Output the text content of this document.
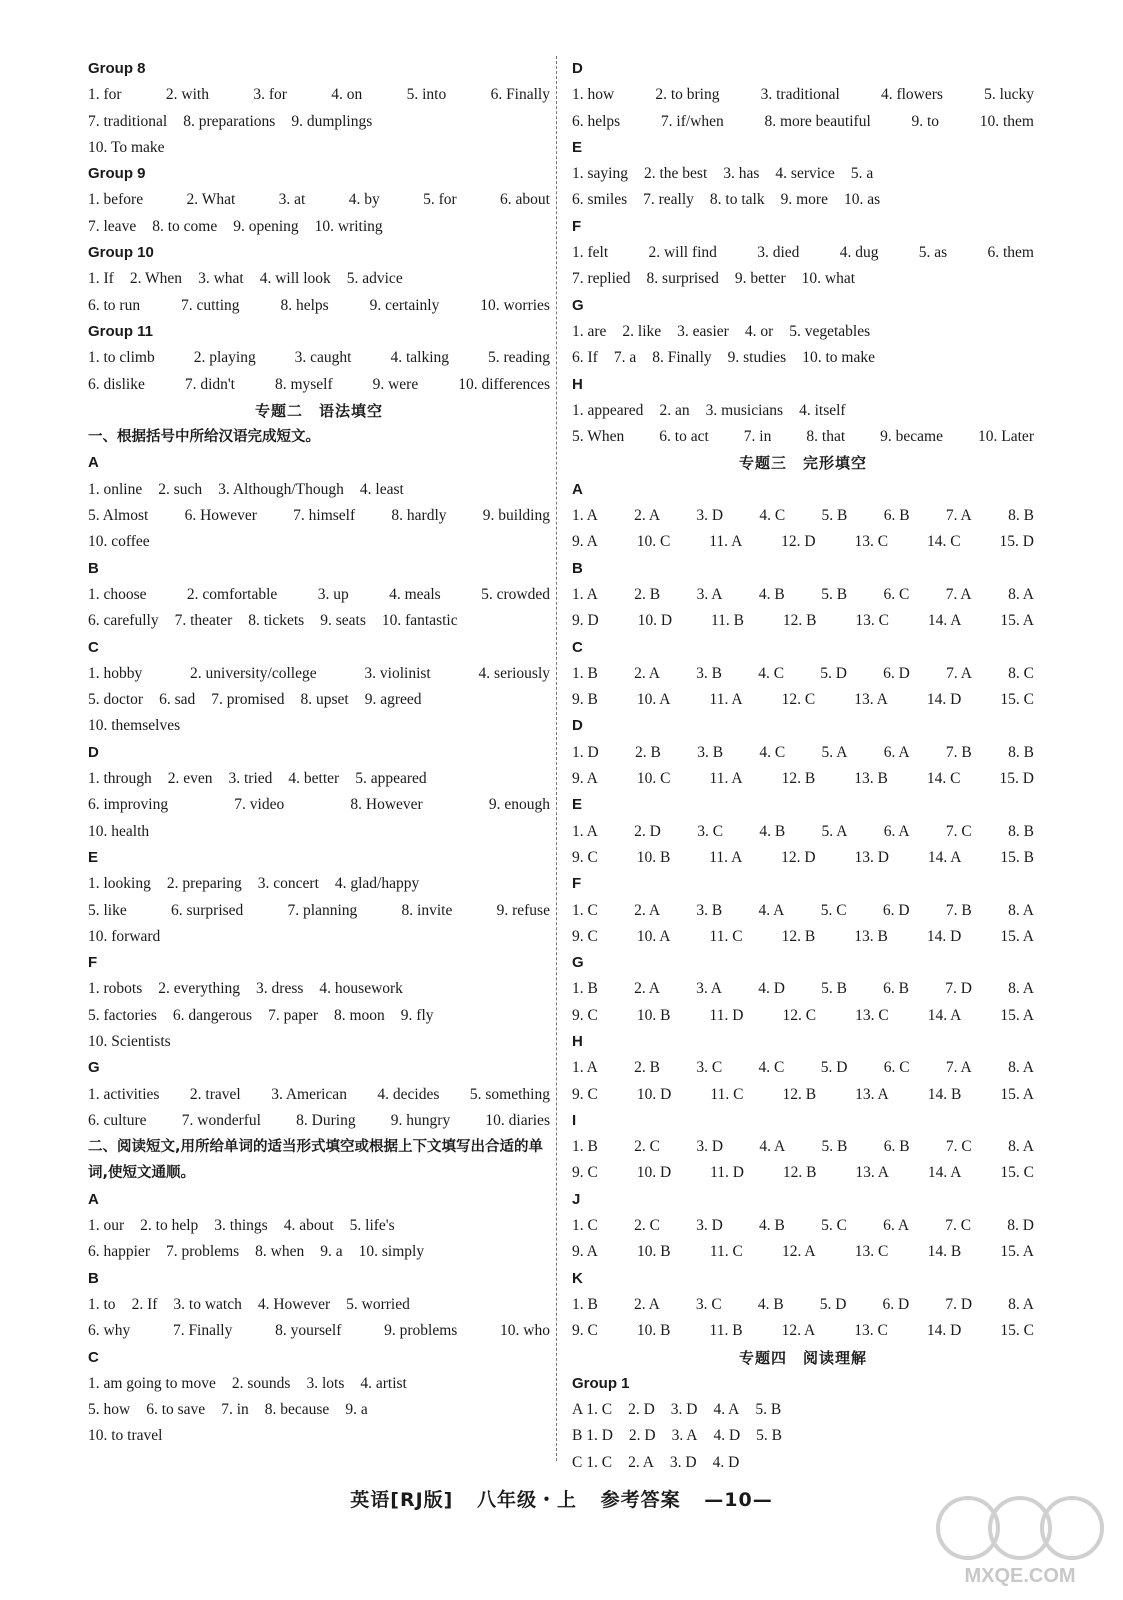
Group 8
1. for	2. with	3. for	4. on	5. into	6. Finally
7. traditional 8. preparations 9. dumplings
10. To make
Group 9
1. before	2. What	3. at	4. by	5. for	6. about
7. leave 8. to come 9. opening 10. writing
Group 10
1. If 2. When 3. what 4. will look 5. advice
6. to run	7. cutting	8. helps	9. certainly	10. worries
Group 11
1. to climb	2. playing	3. caught	4. talking	5. reading
6. dislike	7. didn't	8. myself	9. were	10. differences
专题二　语法填空
一、根据括号中所给汉语完成短文。
A
1. online 2. such 3. Although/Though 4. least
5. Almost 6. However 7. himself 8. hardly 9. building
10. coffee
B
1. choose	2. comfortable	3. up	4. meals	5. crowded
6. carefully 7. theater 8. tickets 9. seats 10. fantastic
C
1. hobby	2. university/college	3. violinist	4. seriously
5. doctor 6. sad 7. promised 8. upset 9. agreed
10. themselves
D
1. through 2. even 3. tried 4. better 5. appeared
6. improving	7. video	8. However	9. enough
10. health
E
1. looking 2. preparing 3. concert 4. glad/happy
5. like	6. surprised	7. planning	8. invite	9. refuse
10. forward
F
1. robots 2. everything 3. dress 4. housework
5. factories 6. dangerous 7. paper 8. moon 9. fly
10. Scientists
G
1. activities 2. travel 3. American 4. decides 5. something
6. culture 7. wonderful 8. During 9. hungry 10. diaries
二、阅读短文,用所给单词的适当形式填空或根据上下文填写出合适的单词,使短文通顺。
A
1. our 2. to help 3. things 4. about 5. life's
6. happier 7. problems 8. when 9. a 10. simply
B
1. to 2. If 3. to watch 4. However 5. worried
6. why	7. Finally	8. yourself	9. problems	10. who
C
1. am going to move 2. sounds 3. lots 4. artist
5. how 6. to save 7. in 8. because 9. a
10. to travel
D
1. how	2. to bring	3. traditional	4. flowers	5. lucky
6. helps	7. if/when	8. more beautiful	9. to	10. them
E
1. saying 2. the best 3. has 4. service 5. a
6. smiles 7. really 8. to talk 9. more 10. as
F
1. felt	2. will find	3. died	4. dug	5. as	6. them
7. replied 8. surprised 9. better 10. what
G
1. are 2. like 3. easier 4. or 5. vegetables
6. If 7. a 8. Finally 9. studies 10. to make
H
1. appeared 2. an 3. musicians 4. itself
5. When 6. to act 7. in 8. that 9. became 10. Later
专题三　完形填空
A
1. A 2. A 3. D 4. C 5. B 6. B 7. A 8. B
9. A	10. C	11. A	12. D	13. C	14. C	15. D
B
1. A 2. B 3. A 4. B 5. B 6. C 7. A 8. A
9. D	10. D	11. B	12. B	13. C	14. A	15. A
C
1. B 2. A 3. B 4. C 5. D 6. D 7. A 8. C
9. B	10. A	11. A	12. C	13. A	14. D	15. C
D
1. D 2. B 3. B 4. C 5. A 6. A 7. B 8. B
9. A	10. C	11. A	12. B	13. B	14. C	15. D
E
1. A 2. D 3. C 4. B 5. A 6. A 7. C 8. B
9. C	10. B	11. A	12. D	13. D	14. A	15. B
F
1. C 2. A 3. B 4. A 5. C 6. D 7. B 8. A
9. C	10. A	11. C	12. B	13. B	14. D	15. A
G
1. B 2. A 3. A 4. D 5. B 6. B 7. D 8. A
9. C	10. B	11. D	12. C	13. C	14. A	15. A
H
1. A 2. B 3. C 4. C 5. D 6. C 7. A 8. A
9. C	10. D	11. C	12. B	13. A	14. B	15. A
I
1. B 2. C 3. D 4. A 5. B 6. B 7. C 8. A
9. C	10. D	11. D	12. B	13. A	14. A	15. C
J
1. C 2. C 3. D 4. B 5. C 6. A 7. C 8. D
9. A	10. B	11. C	12. A	13. C	14. B	15. A
K
1. B 2. A 3. C 4. B 5. D 6. D 7. D 8. A
9. C	10. B	11. B	12. A	13. C	14. D	15. C
专题四　阅读理解
Group 1
A 1. C 2. D 3. D 4. A 5. B
B 1. D 2. D 3. A 4. D 5. B
C 1. C 2. A 3. D 4. D
英语[RJ版] 八年级・上 参考答案 —10—
MXQE.COM
